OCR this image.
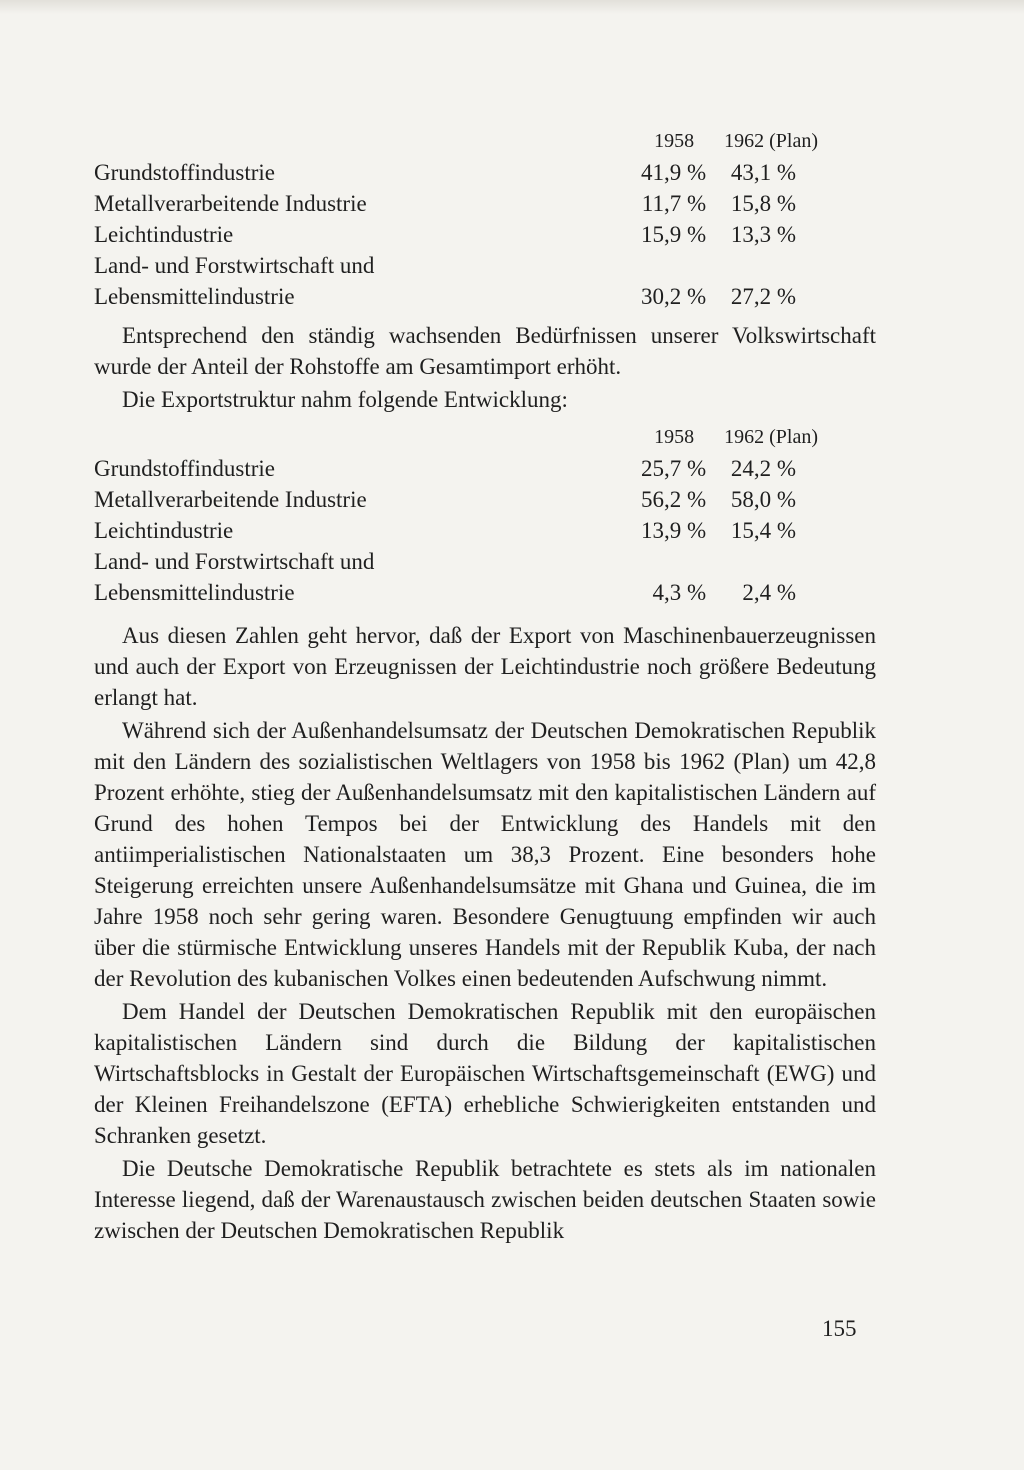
	1958	1962 (Plan)
Grundstoffindustrie	41,9 %	43,1 %
Metallverarbeitende Industrie	11,7 %	15,8 %
Leichtindustrie	15,9 %	13,3 %
Land- und Forstwirtschaft und		
Lebensmittelindustrie	30,2 %	27,2 %

Entsprechend den ständig wachsenden Bedürfnissen unserer Volkswirtschaft wurde der Anteil der Rohstoffe am Gesamtimport erhöht.

Die Exportstruktur nahm folgende Entwicklung:

	1958	1962 (Plan)
Grundstoffindustrie	25,7 %	24,2 %
Metallverarbeitende Industrie	56,2 %	58,0 %
Leichtindustrie	13,9 %	15,4 %
Land- und Forstwirtschaft und		
Lebensmittelindustrie	4,3 %	2,4 %

Aus diesen Zahlen geht hervor, daß der Export von Maschinenbauerzeugnissen und auch der Export von Erzeugnissen der Leichtindustrie noch größere Bedeutung erlangt hat.

Während sich der Außenhandelsumsatz der Deutschen Demokratischen Republik mit den Ländern des sozialistischen Weltlagers von 1958 bis 1962 (Plan) um 42,8 Prozent erhöhte, stieg der Außenhandelsumsatz mit den kapitalistischen Ländern auf Grund des hohen Tempos bei der Entwicklung des Handels mit den antiimperialistischen Nationalstaaten um 38,3 Prozent. Eine besonders hohe Steigerung erreichten unsere Außenhandelsumsätze mit Ghana und Guinea, die im Jahre 1958 noch sehr gering waren. Besondere Genugtuung empfinden wir auch über die stürmische Entwicklung unseres Handels mit der Republik Kuba, der nach der Revolution des kubanischen Volkes einen bedeutenden Aufschwung nimmt.

Dem Handel der Deutschen Demokratischen Republik mit den europäischen kapitalistischen Ländern sind durch die Bildung der kapitalistischen Wirtschaftsblocks in Gestalt der Europäischen Wirtschaftsgemeinschaft (EWG) und der Kleinen Freihandelszone (EFTA) erhebliche Schwierigkeiten entstanden und Schranken gesetzt.

Die Deutsche Demokratische Republik betrachtete es stets als im nationalen Interesse liegend, daß der Warenaustausch zwischen beiden deutschen Staaten sowie zwischen der Deutschen Demokratischen Republik

155
